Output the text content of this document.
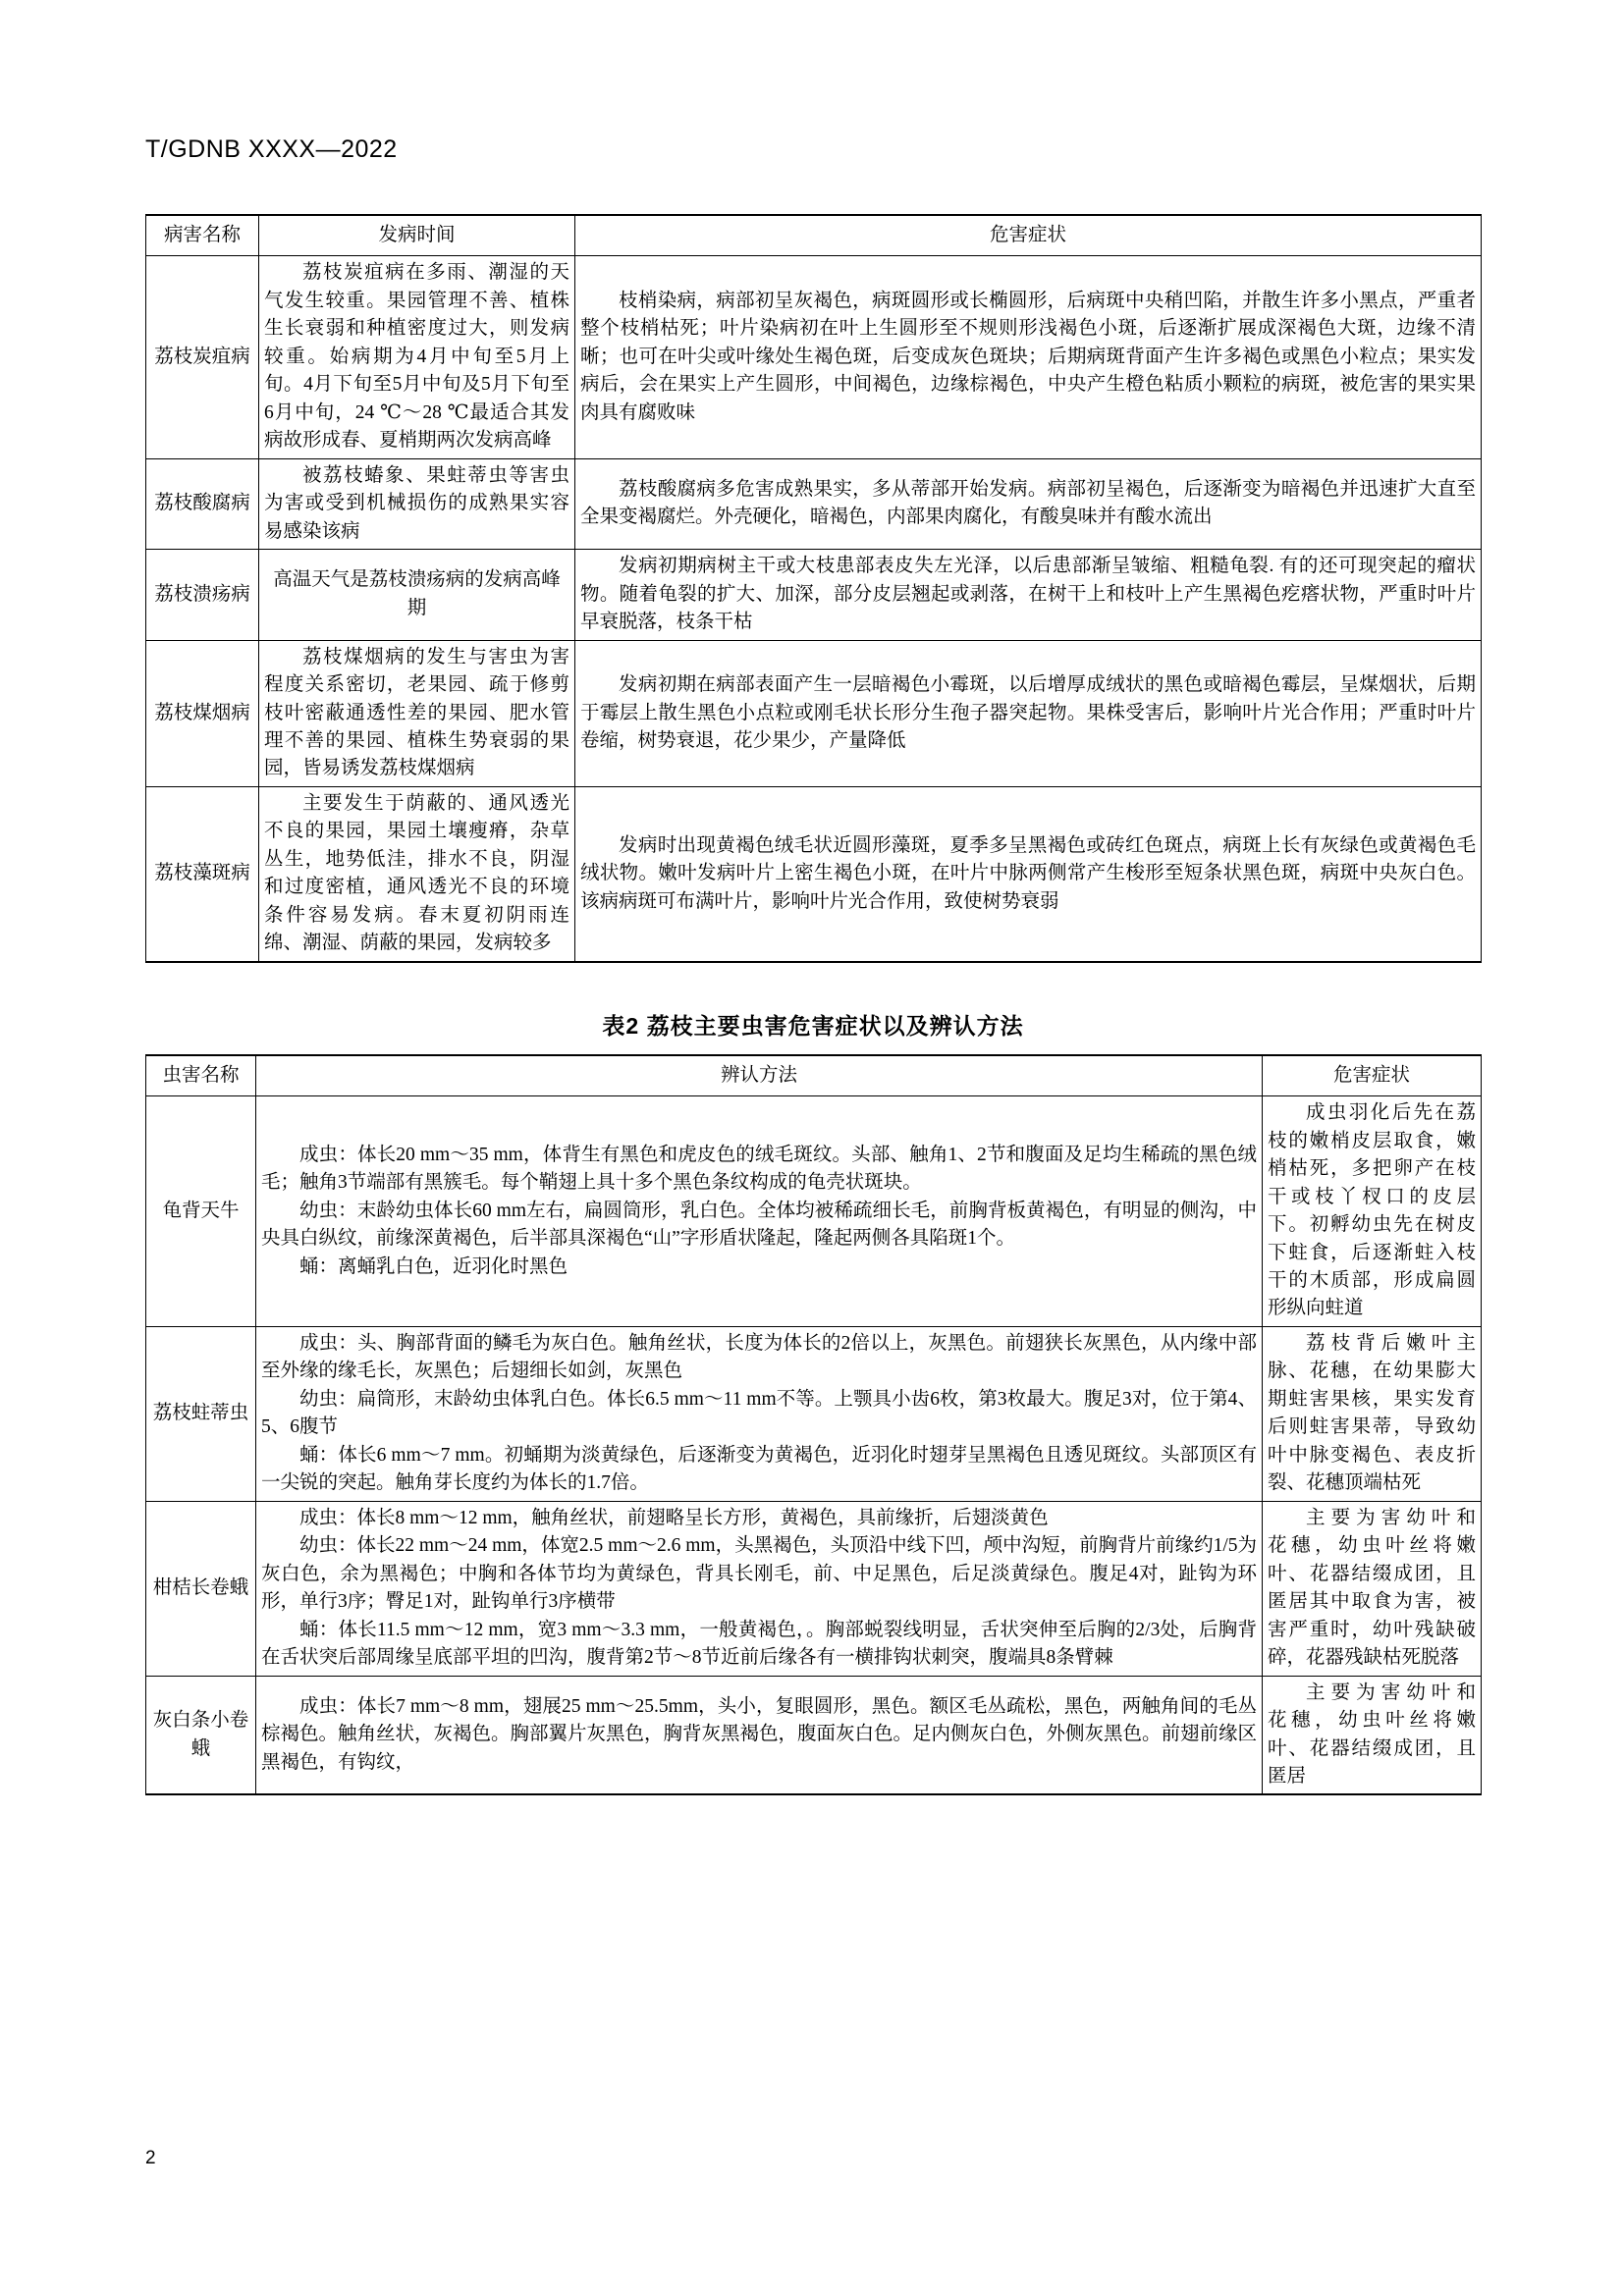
T/GDNB XXXX—2022
病害名称	发病时间	危害症状
荔枝炭疽病	荔枝炭疽病在多雨、潮湿的天气发生较重。果园管理不善、植株生长衰弱和种植密度过大，则发病较重。始病期为4月中旬至5月上旬。4月下旬至5月中旬及5月下旬至6月中旬，24 ℃～28 ℃最适合其发病故形成春、夏梢期两次发病高峰	枝梢染病，病部初呈灰褐色，病斑圆形或长椭圆形，后病斑中央稍凹陷，并散生许多小黑点，严重者整个枝梢枯死；叶片染病初在叶上生圆形至不规则形浅褐色小斑，后逐渐扩展成深褐色大斑，边缘不清晰；也可在叶尖或叶缘处生褐色斑，后变成灰色斑块；后期病斑背面产生许多褐色或黑色小粒点；果实发病后，会在果实上产生圆形，中间褐色，边缘棕褐色，中央产生橙色粘质小颗粒的病斑，被危害的果实果肉具有腐败味

荔枝酸腐病	被荔枝蝽象、果蛀蒂虫等害虫为害或受到机械损伤的成熟果实容易感染该病	荔枝酸腐病多危害成熟果实，多从蒂部开始发病。病部初呈褐色，后逐渐变为暗褐色并迅速扩大直至全果变褐腐烂。外壳硬化，暗褐色，内部果肉腐化，有酸臭味并有酸水流出

荔枝溃疡病	高温天气是荔枝溃疡病的发病高峰期	发病初期病树主干或大枝患部表皮失左光泽，以后患部渐呈皱缩、粗糙龟裂. 有的还可现突起的瘤状物。随着龟裂的扩大、加深，部分皮层翘起或剥落，在树干上和枝叶上产生黑褐色疙瘩状物，严重时叶片早衰脱落，枝条干枯

荔枝煤烟病	荔枝煤烟病的发生与害虫为害程度关系密切，老果园、疏于修剪枝叶密蔽通透性差的果园、肥水管理不善的果园、植株生势衰弱的果园，皆易诱发荔枝煤烟病	发病初期在病部表面产生一层暗褐色小霉斑，以后增厚成绒状的黑色或暗褐色霉层，呈煤烟状，后期于霉层上散生黑色小点粒或刚毛状长形分生孢子器突起物。果株受害后，影响叶片光合作用；严重时叶片卷缩，树势衰退，花少果少，产量降低

荔枝藻斑病	主要发生于荫蔽的、通风透光不良的果园，果园土壤瘦瘠，杂草丛生，地势低洼，排水不良，阴湿和过度密植，通风透光不良的环境条件容易发病。春末夏初阴雨连绵、潮湿、荫蔽的果园，发病较多	发病时出现黄褐色绒毛状近圆形藻斑，夏季多呈黑褐色或砖红色斑点，病斑上长有灰绿色或黄褐色毛绒状物。嫩叶发病叶片上密生褐色小斑，在叶片中脉两侧常产生梭形至短条状黑色斑，病斑中央灰白色。该病病斑可布满叶片，影响叶片光合作用，致使树势衰弱

表2 荔枝主要虫害危害症状以及辨认方法
虫害名称	辨认方法	危害症状
龟背天牛	成虫：体长20 mm～35 mm，体背生有黑色和虎皮色的绒毛斑纹。头部、触角1、2节和腹面及足均生稀疏的黑色绒毛；触角3节端部有黑簇毛。每个鞘翅上具十多个黑色条纹构成的龟壳状斑块。

幼虫：末龄幼虫体长60 mm左右，扁圆筒形，乳白色。全体均被稀疏细长毛，前胸背板黄褐色，有明显的侧沟，中央具白纵纹，前缘深黄褐色，后半部具深褐色“山”字形盾状隆起，隆起两侧各具陷斑1个。

蛹：离蛹乳白色，近羽化时黑色	成虫羽化后先在荔枝的嫩梢皮层取食，嫩梢枯死，多把卵产在枝干或枝丫杈口的皮层下。初孵幼虫先在树皮下蛀食，后逐渐蛀入枝干的木质部，形成扁圆形纵向蛀道

荔枝蛀蒂虫	成虫：头、胸部背面的鳞毛为灰白色。触角丝状，长度为体长的2倍以上，灰黑色。前翅狭长灰黑色，从内缘中部至外缘的缘毛长，灰黑色；后翅细长如剑，灰黑色

幼虫：扁筒形，末龄幼虫体乳白色。体长6.5 mm～11 mm不等。上颚具小齿6枚，第3枚最大。腹足3对，位于第4、5、6腹节

蛹：体长6 mm～7 mm。初蛹期为淡黄绿色，后逐渐变为黄褐色，近羽化时翅芽呈黑褐色且透见斑纹。头部顶区有一尖锐的突起。触角芽长度约为体长的1.7倍。	荔枝背后嫩叶主脉、花穗，在幼果膨大期蛀害果核，果实发育后则蛀害果蒂，导致幼叶中脉变褐色、表皮折裂、花穗顶端枯死

柑桔长卷蛾	成虫：体长8 mm～12 mm，触角丝状，前翅略呈长方形，黄褐色，具前缘折，后翅淡黄色

幼虫：体长22 mm～24 mm，体宽2.5 mm～2.6 mm，头黑褐色，头顶沿中线下凹，颅中沟短，前胸背片前缘约1/5为灰白色，余为黑褐色；中胸和各体节均为黄绿色，背具长刚毛，前、中足黑色，后足淡黄绿色。腹足4对，趾钩为环形，单行3序；臀足1对，趾钩单行3序横带

蛹：体长11.5 mm～12 mm，宽3 mm～3.3 mm，一般黄褐色，。胸部蜕裂线明显，舌状突伸至后胸的2/3处，后胸背在舌状突后部周缘呈底部平坦的凹沟，腹背第2节～8节近前后缘各有一横排钩状刺突，腹端具8条臂棘	主 要 为 害 幼 叶 和 花穗，幼虫叶丝将嫩叶、花器结缀成团，且匿居其中取食为害，被害严重时，幼叶残缺破碎，花器残缺枯死脱落

灰白条小卷蛾	成虫：体长7 mm～8 mm，翅展25 mm～25.5mm，头小，复眼圆形，黑色。额区毛丛疏松，黑色，两触角间的毛丛棕褐色。触角丝状，灰褐色。胸部翼片灰黑色，胸背灰黑褐色，腹面灰白色。足内侧灰白色，外侧灰黑色。前翅前缘区黑褐色，有钩纹，	主 要 为 害 幼 叶 和 花穗，幼虫叶丝将嫩叶、花器结缀成团，且匿居

2
